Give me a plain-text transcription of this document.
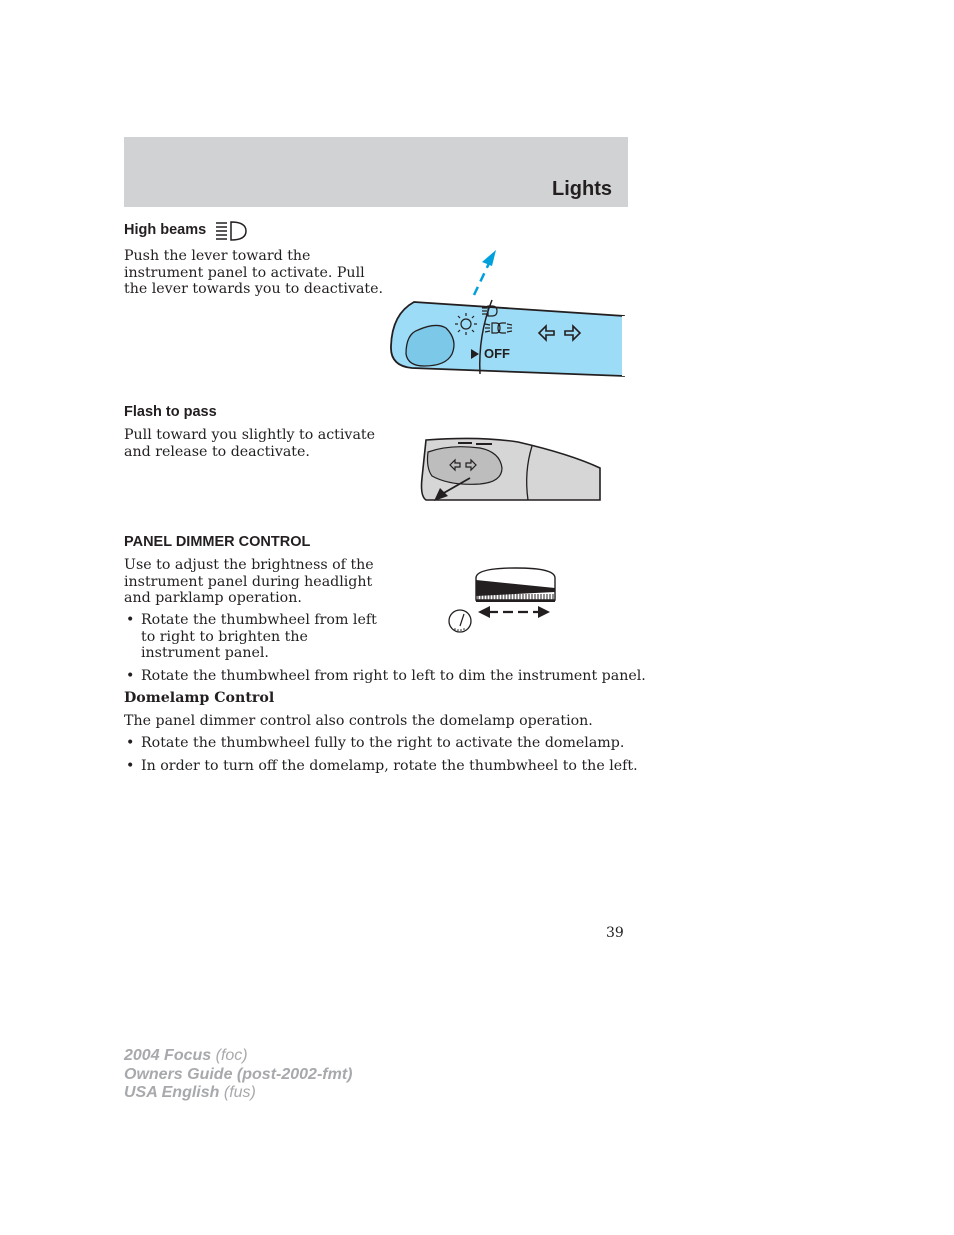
Lights
High beams
Push the lever toward the
instrument panel to activate. Pull
the lever towards you to deactivate.
OFF
Flash to pass
Pull toward you slightly to activate
and release to deactivate.
PANEL DIMMER CONTROL
Use to adjust the brightness of the
instrument panel during headlight
and parklamp operation.
• Rotate the thumbwheel from left
to right to brighten the
instrument panel.
• Rotate the thumbwheel from right to left to dim the instrument panel.
Domelamp Control
The panel dimmer control also controls the domelamp operation.
• Rotate the thumbwheel fully to the right to activate the domelamp.
• In order to turn off the domelamp, rotate the thumbwheel to the left.
39
2004 Focus (foc)
Owners Guide (post-2002-fmt)
USA English (fus)
